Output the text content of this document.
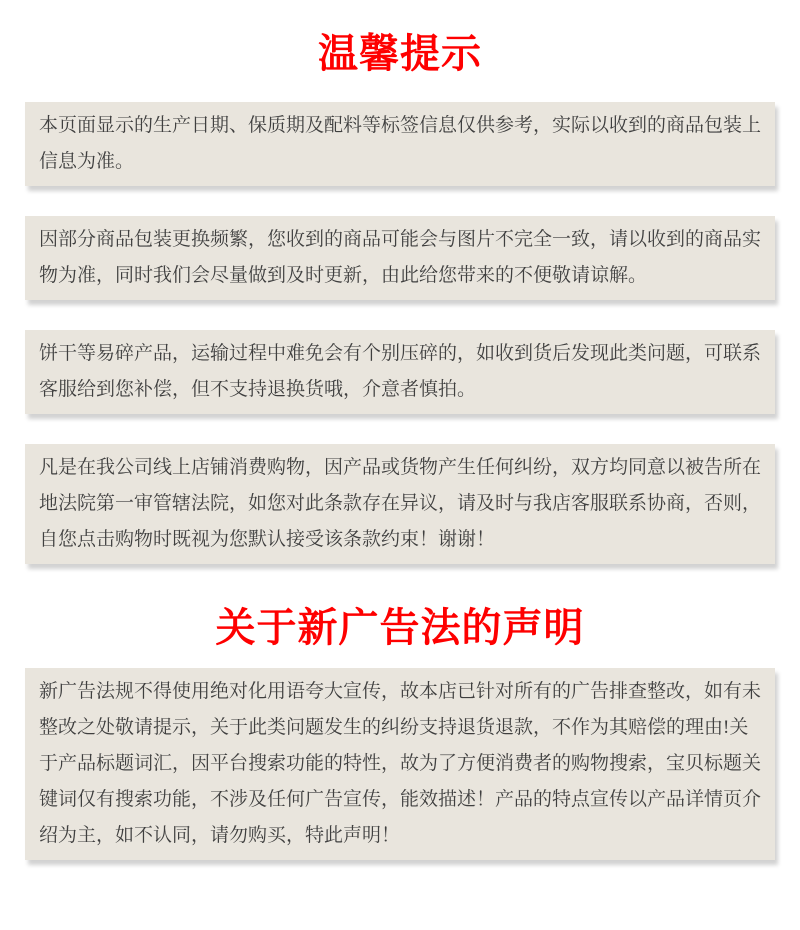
温馨提示
本页面显示的生产日期、保质期及配料等标签信息仅供参考，实际以收到的商品包装上信息为准。
因部分商品包装更换频繁，您收到的商品可能会与图片不完全一致，请以收到的商品实物为准，同时我们会尽量做到及时更新，由此给您带来的不便敬请谅解。
饼干等易碎产品，运输过程中难免会有个别压碎的，如收到货后发现此类问题，可联系客服给到您补偿，但不支持退换货哦，介意者慎拍。
凡是在我公司线上店铺消费购物，因产品或货物产生任何纠纷，双方均同意以被告所在地法院第一审管辖法院，如您对此条款存在异议，请及时与我店客服联系协商，否则，自您点击购物时既视为您默认接受该条款约束！谢谢！
关于新广告法的声明
新广告法规不得使用绝对化用语夸大宣传，故本店已针对所有的广告排查整改，如有未整改之处敬请提示，关于此类问题发生的纠纷支持退货退款，不作为其赔偿的理由!关于产品标题词汇，因平台搜索功能的特性，故为了方便消费者的购物搜索，宝贝标题关键词仅有搜索功能，不涉及任何广告宣传，能效描述！产品的特点宣传以产品详情页介绍为主，如不认同，请勿购买，特此声明！
